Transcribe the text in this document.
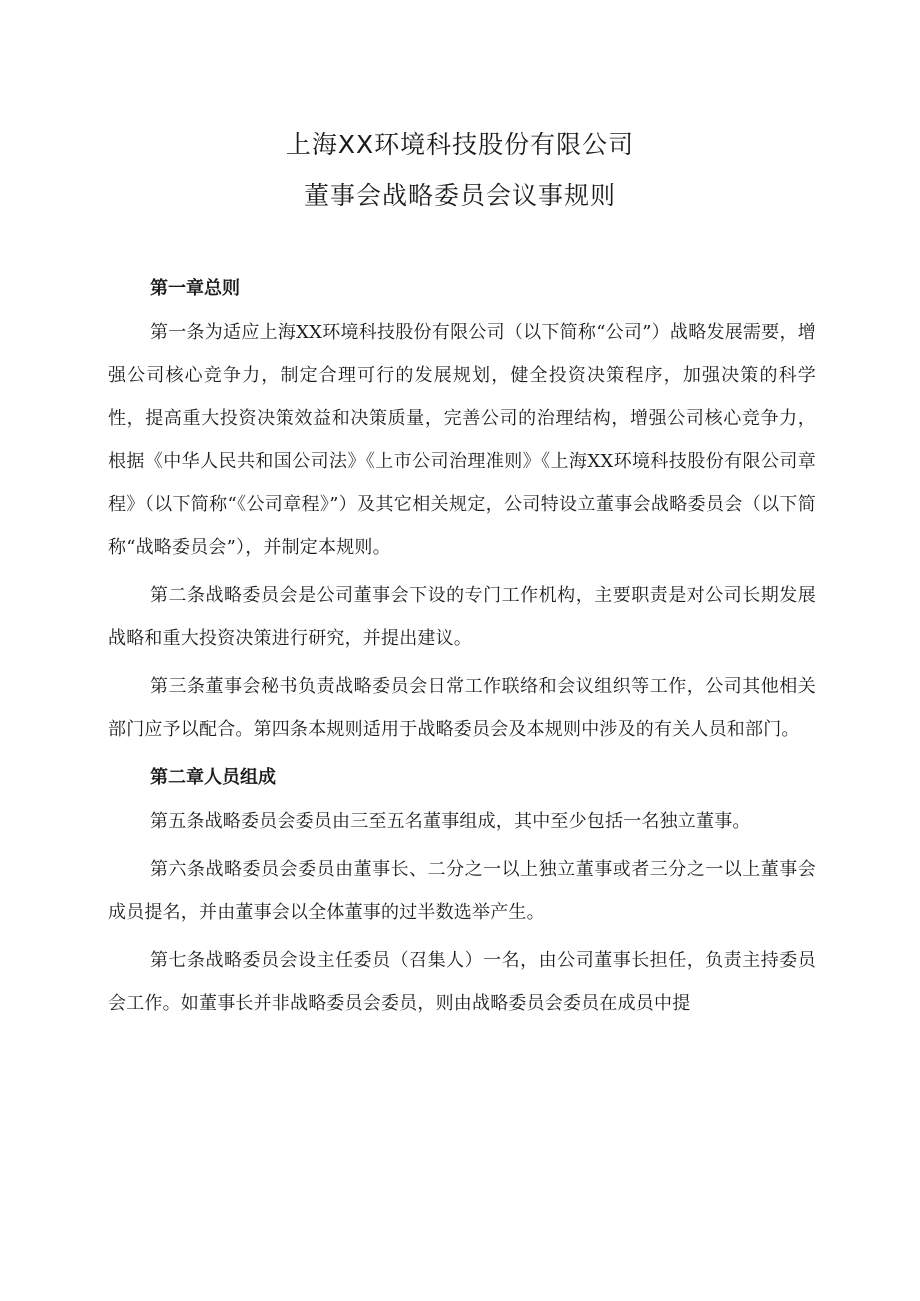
上海XX环境科技股份有限公司
董事会战略委员会议事规则

第一章总则

第一条为适应上海XX环境科技股份有限公司（以下简称“公司”）战略发展需要，增强公司核心竞争力，制定合理可行的发展规划，健全投资决策程序，加强决策的科学性，提高重大投资决策效益和决策质量，完善公司的治理结构，增强公司核心竞争力，根据《中华人民共和国公司法》《上市公司治理准则》《上海XX环境科技股份有限公司章程》（以下简称“《公司章程》”）及其它相关规定，公司特设立董事会战略委员会（以下简称“战略委员会”），并制定本规则。

第二条战略委员会是公司董事会下设的专门工作机构，主要职责是对公司长期发展战略和重大投资决策进行研究，并提出建议。

第三条董事会秘书负责战略委员会日常工作联络和会议组织等工作，公司其他相关部门应予以配合。第四条本规则适用于战略委员会及本规则中涉及的有关人员和部门。

第二章人员组成

第五条战略委员会委员由三至五名董事组成，其中至少包括一名独立董事。

第六条战略委员会委员由董事长、二分之一以上独立董事或者三分之一以上董事会成员提名，并由董事会以全体董事的过半数选举产生。

第七条战略委员会设主任委员（召集人）一名，由公司董事长担任，负责主持委员会工作。如董事长并非战略委员会委员，则由战略委员会委员在成员中提
